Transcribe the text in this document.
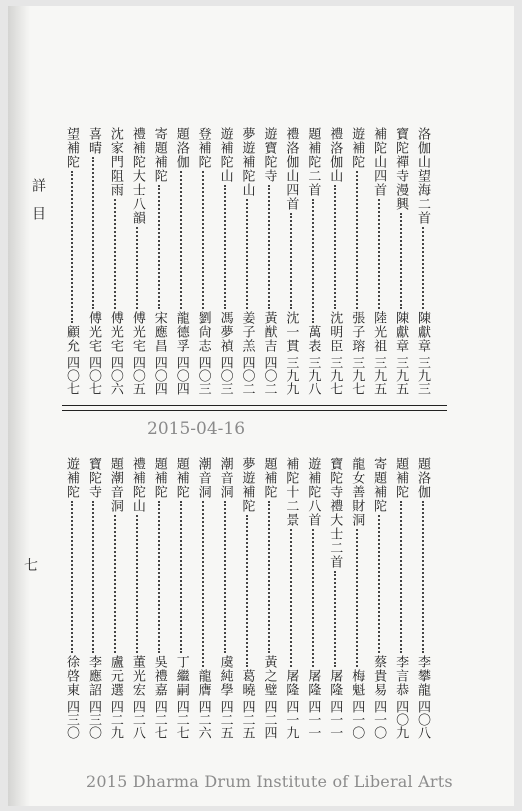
詳目
七
洛伽山望海二首
陳獻章
三九三
寶陀禪寺漫興
陳獻章
三九五
補陀山四首
陸光祖
三九五
遊補陀
張子瑢
三九七
禮洛伽山
沈明臣
三九七
題補陀二首
萬表
三九八
禮洛伽山四首
沈一貫
三九九
遊寶陀寺
黃猷吉
四〇二
夢遊補陀山
姜子羔
四〇二
遊補陀山
馮夢禎
四〇三
登補陀
劉尙志
四〇三
題洛伽
龍德孚
四〇四
寄題補陀
宋應昌
四〇四
禮補陀大士八韻
傅光宅
四〇五
沈家門阻雨
傅光宅
四〇六
喜晴
傅光宅
四〇七
望補陀
顧允
四〇七
2015-04-16
題洛伽
李攀龍
四〇八
題補陀
李言恭
四〇九
寄題補陀
蔡貴易
四一〇
龍女善財洞
梅魁
四一〇
寶陀寺禮大士二首
屠隆
四一一
遊補陀八首
屠隆
四一一
補陀十二景
屠隆
四一九
題補陀
黃之璧
四二四
夢遊補陀
葛曉
四二五
潮音洞
虞純學
四二五
潮音洞
龍膺
四二六
題補陀
丁繼嗣
四二七
題補陀
吳禮嘉
四二七
禮補陀山
董光宏
四二八
題潮音洞
盧元選
四二九
寶陀寺
李應詔
四三〇
遊補陀
徐啓東
四三〇
2015 Dharma Drum Institute of Liberal Arts
